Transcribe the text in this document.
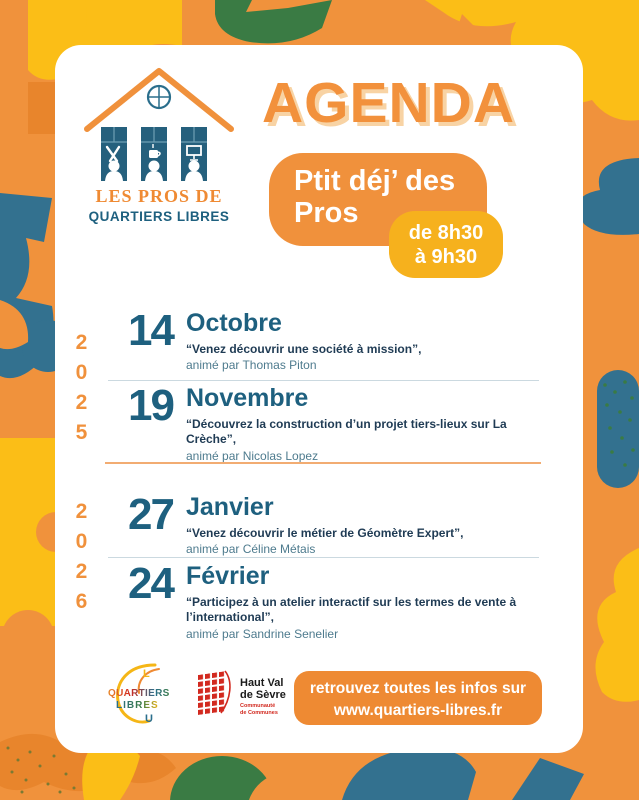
LES PROS DE
QUARTIERS LIBRES
AGENDA
Ptit déj’ des
Pros
de 8h30
à 9h30
2025
14 Octobre
“Venez découvrir une société à mission”,
animé par Thomas Piton
19 Novembre
“Découvrez la construction d’un projet tiers-lieux sur La Crèche”,
animé par Nicolas Lopez
2026 27 Janvier
“Venez découvrir le métier de Géomètre Expert”,
animé par Céline Métais
24 Février
“Participez à un atelier interactif sur les termes de vente à l’international”,
animé par Sandrine Senelier
L
QUARTIERS
LIBRES
U
Haut Val
de Sèvre
Communauté
de Communes
retrouvez toutes les infos sur
www.quartiers-libres.fr
